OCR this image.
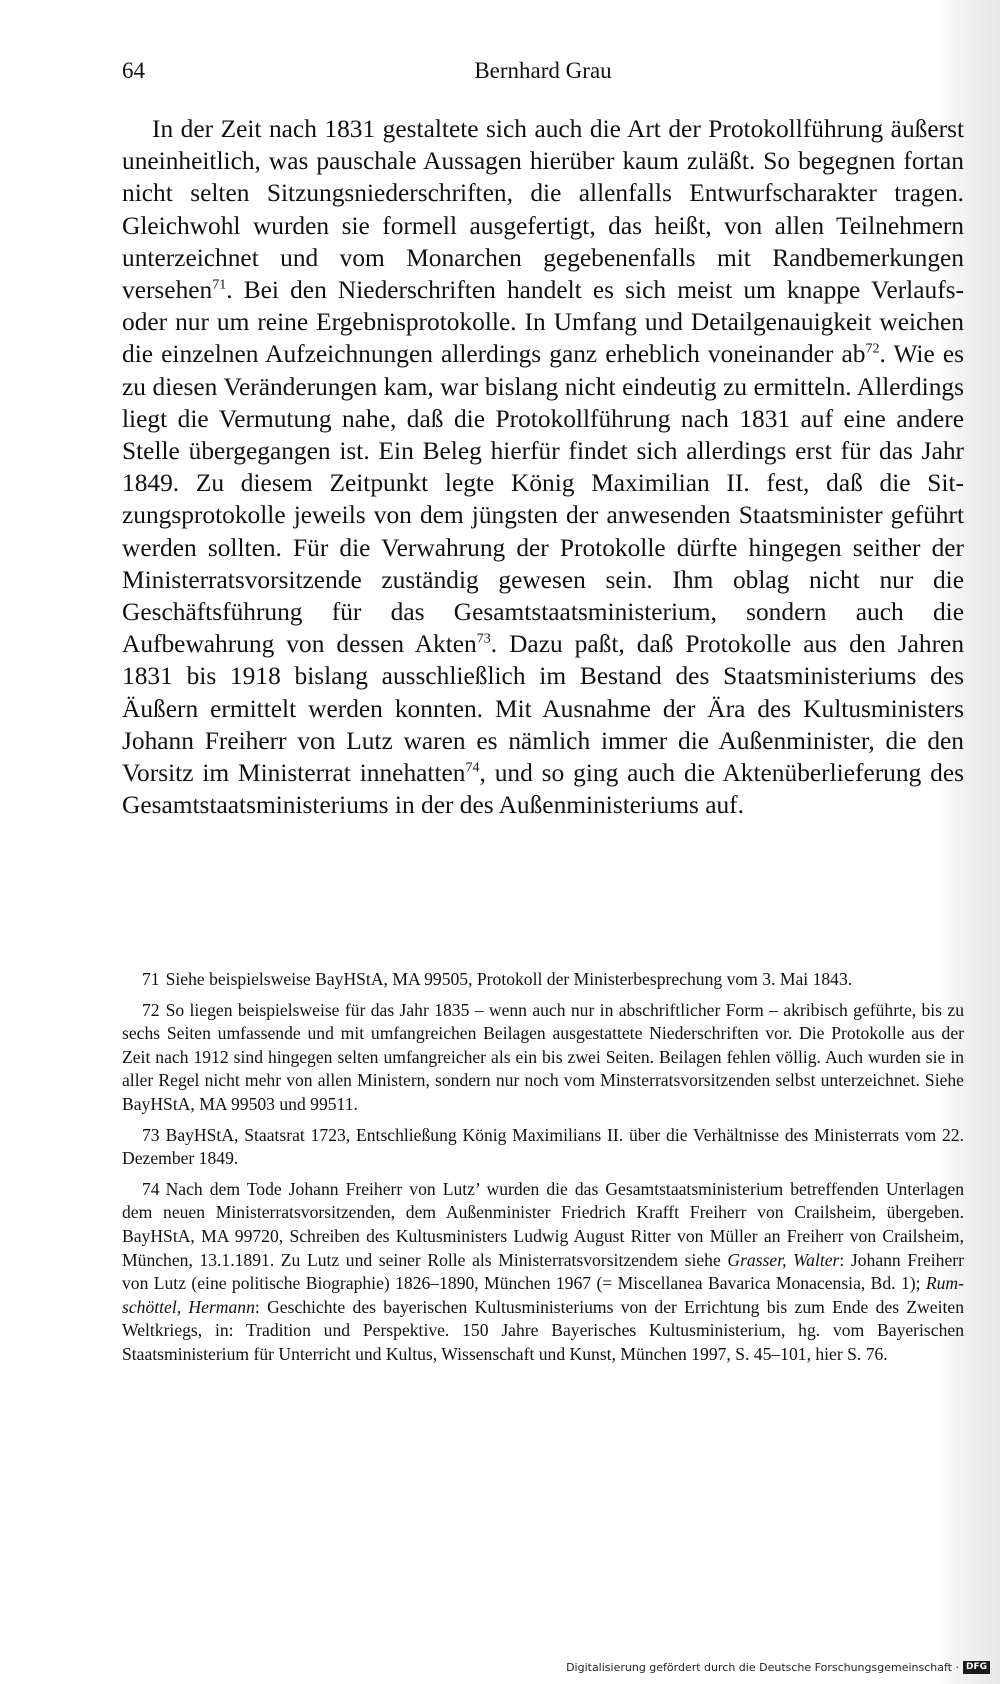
64	Bernhard Grau

In der Zeit nach 1831 gestaltete sich auch die Art der Protokollführung äußerst uneinheitlich, was pauschale Aussagen hierüber kaum zuläßt. So begegnen fortan nicht selten Sitzungsniederschriften, die allenfalls Entwurfscharakter tragen. Gleichwohl wurden sie formell ausgefertigt, das heißt, von allen Teilnehmern unterzeichnet und vom Monarchen gegebenenfalls mit Randbemerkungen versehen$^{71}$. Bei den Niederschriften handelt es sich meist um knappe Verlaufs- oder nur um reine Ergebnisprotokolle. In Umfang und Detailgenauigkeit weichen die einzelnen Aufzeichnungen allerdings ganz erheblich voneinander ab$^{72}$. Wie es zu diesen Veränderungen kam, war bislang nicht eindeutig zu ermitteln. Allerdings liegt die Vermutung nahe, daß die Protokollführung nach 1831 auf eine andere Stelle übergegangen ist. Ein Beleg hierfür findet sich allerdings erst für das Jahr 1849. Zu diesem Zeitpunkt legte König Maximilian II. fest, daß die Sitzungsprotokolle jeweils von dem jüngsten der anwesenden Staatsminister geführt werden sollten. Für die Verwahrung der Protokolle dürfte hingegen seither der Ministerratsvorsitzende zuständig gewesen sein. Ihm oblag nicht nur die Geschäftsführung für das Gesamtstaatsministerium, sondern auch die Aufbewahrung von dessen Akten$^{73}$. Dazu paßt, daß Protokolle aus den Jahren 1831 bis 1918 bislang ausschließlich im Bestand des Staatsministeriums des Äußern ermittelt werden konnten. Mit Ausnahme der Ära des Kultusministers Johann Freiherr von Lutz waren es nämlich immer die Außenminister, die den Vorsitz im Ministerrat innehatten$^{74}$, und so ging auch die Aktenüberlieferung des Gesamtstaatsministeriums in der des Außenministeriums auf.

71 Siehe beispielsweise BayHStA, MA 99505, Protokoll der Ministerbesprechung vom 3. Mai 1843.

72 So liegen beispielsweise für das Jahr 1835 – wenn auch nur in abschriftlicher Form – akribisch geführte, bis zu sechs Seiten umfassende und mit umfangreichen Beilagen ausgestattete Niederschriften vor. Die Protokolle aus der Zeit nach 1912 sind hingegen selten umfangreicher als ein bis zwei Seiten. Beilagen fehlen völlig. Auch wurden sie in aller Regel nicht mehr von allen Ministern, sondern nur noch vom Minsterratsvorsitzenden selbst unterzeichnet. Siehe BayHStA, MA 99503 und 99511.

73 BayHStA, Staatsrat 1723, Entschließung König Maximilians II. über die Verhältnisse des Ministerrats vom 22. Dezember 1849.

74 Nach dem Tode Johann Freiherr von Lutz’ wurden die das Gesamtstaatsministerium betreffenden Unterlagen dem neuen Ministerratsvorsitzenden, dem Außenminister Friedrich Krafft Freiherr von Crailsheim, übergeben. BayHStA, MA 99720, Schreiben des Kultusministers Ludwig August Ritter von Müller an Freiherr von Crailsheim, München, 13.1.1891. Zu Lutz und seiner Rolle als Ministerratsvorsitzendem siehe Grasser, Walter: Johann Freiherr von Lutz (eine politische Biographie) 1826–1890, München 1967 (= Miscellanea Bavarica Monacensia, Bd. 1); Rumschöttel, Hermann: Geschichte des bayerischen Kultusministeriums von der Errichtung bis zum Ende des Zweiten Weltkriegs, in: Tradition und Perspektive. 150 Jahre Bayerisches Kultusministerium, hg. vom Bayerischen Staatsministerium für Unterricht und Kultus, Wissenschaft und Kunst, München 1997, S. 45–101, hier S. 76.

Digitalisierung gefördert durch die Deutsche Forschungsgemeinschaft · DFG
